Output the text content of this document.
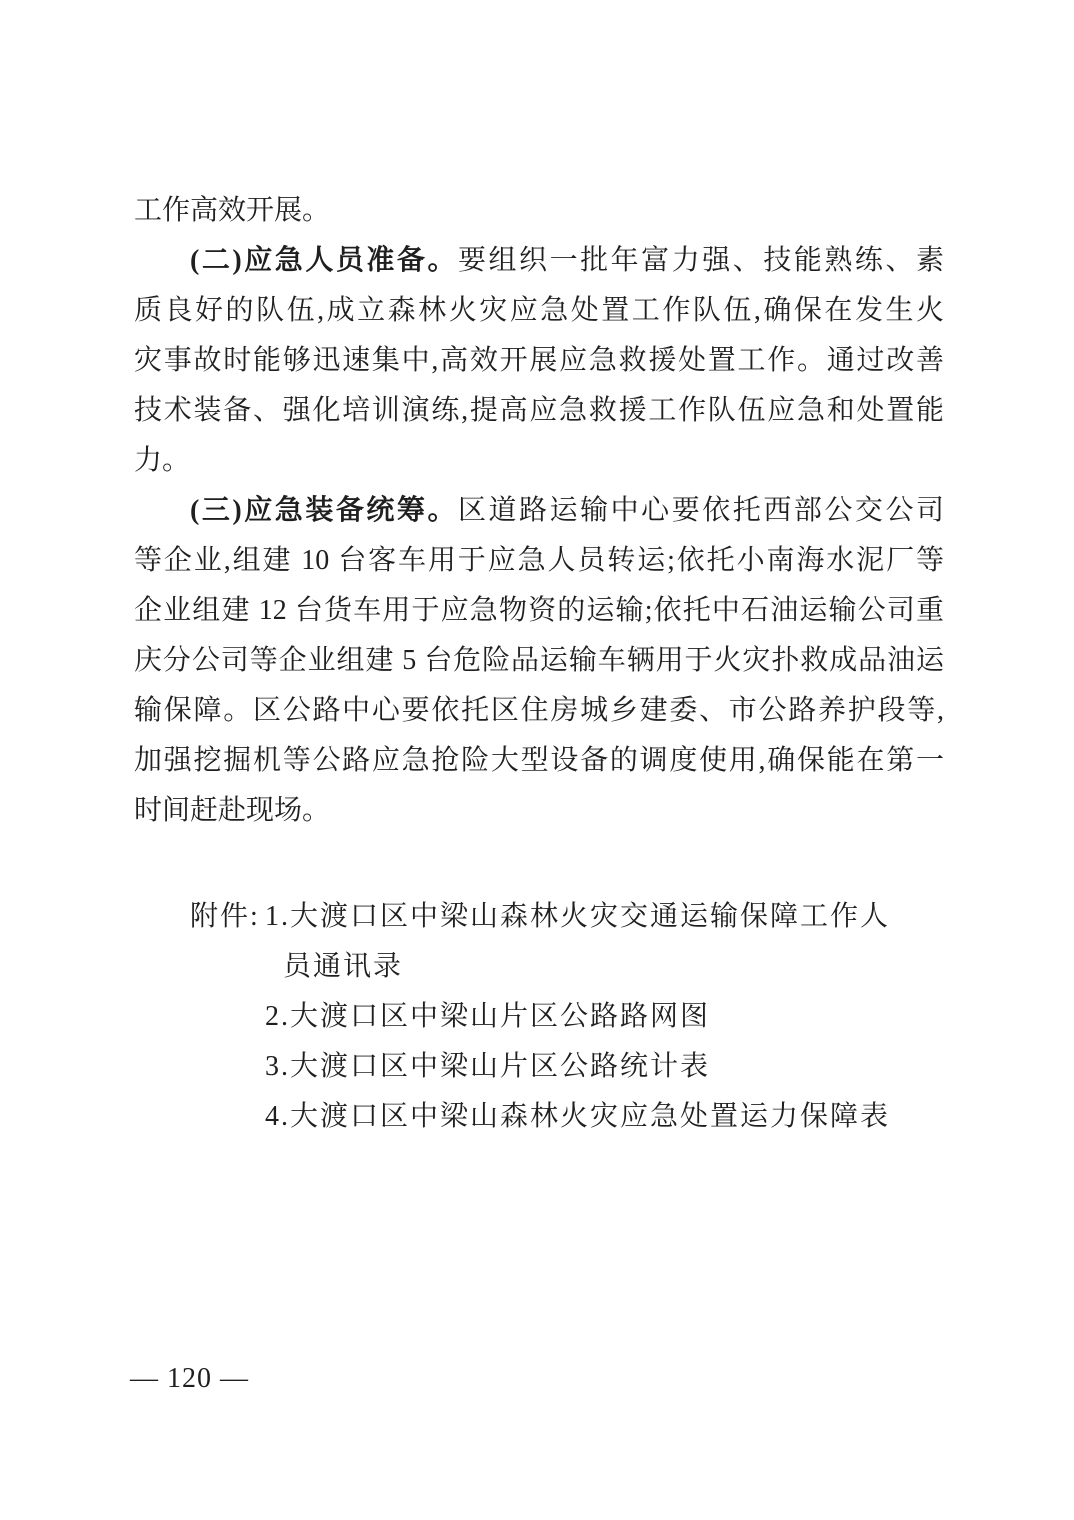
工作高效开展。
(二)应急人员准备。要组织一批年富力强、技能熟练、素
质良好的队伍,成立森林火灾应急处置工作队伍,确保在发生火
灾事故时能够迅速集中,高效开展应急救援处置工作。通过改善
技术装备、强化培训演练,提高应急救援工作队伍应急和处置能
力。
(三)应急装备统筹。区道路运输中心要依托西部公交公司
等企业,组建 10 台客车用于应急人员转运;依托小南海水泥厂等
企业组建 12 台货车用于应急物资的运输;依托中石油运输公司重
庆分公司等企业组建 5 台危险品运输车辆用于火灾扑救成品油运
输保障。区公路中心要依托区住房城乡建委、市公路养护段等,
加强挖掘机等公路应急抢险大型设备的调度使用,确保能在第一
时间赶赴现场。
附件: 1.大渡口区中梁山森林火灾交通运输保障工作人
员通讯录
2.大渡口区中梁山片区公路路网图
3.大渡口区中梁山片区公路统计表
4.大渡口区中梁山森林火灾应急处置运力保障表
— 120 —
